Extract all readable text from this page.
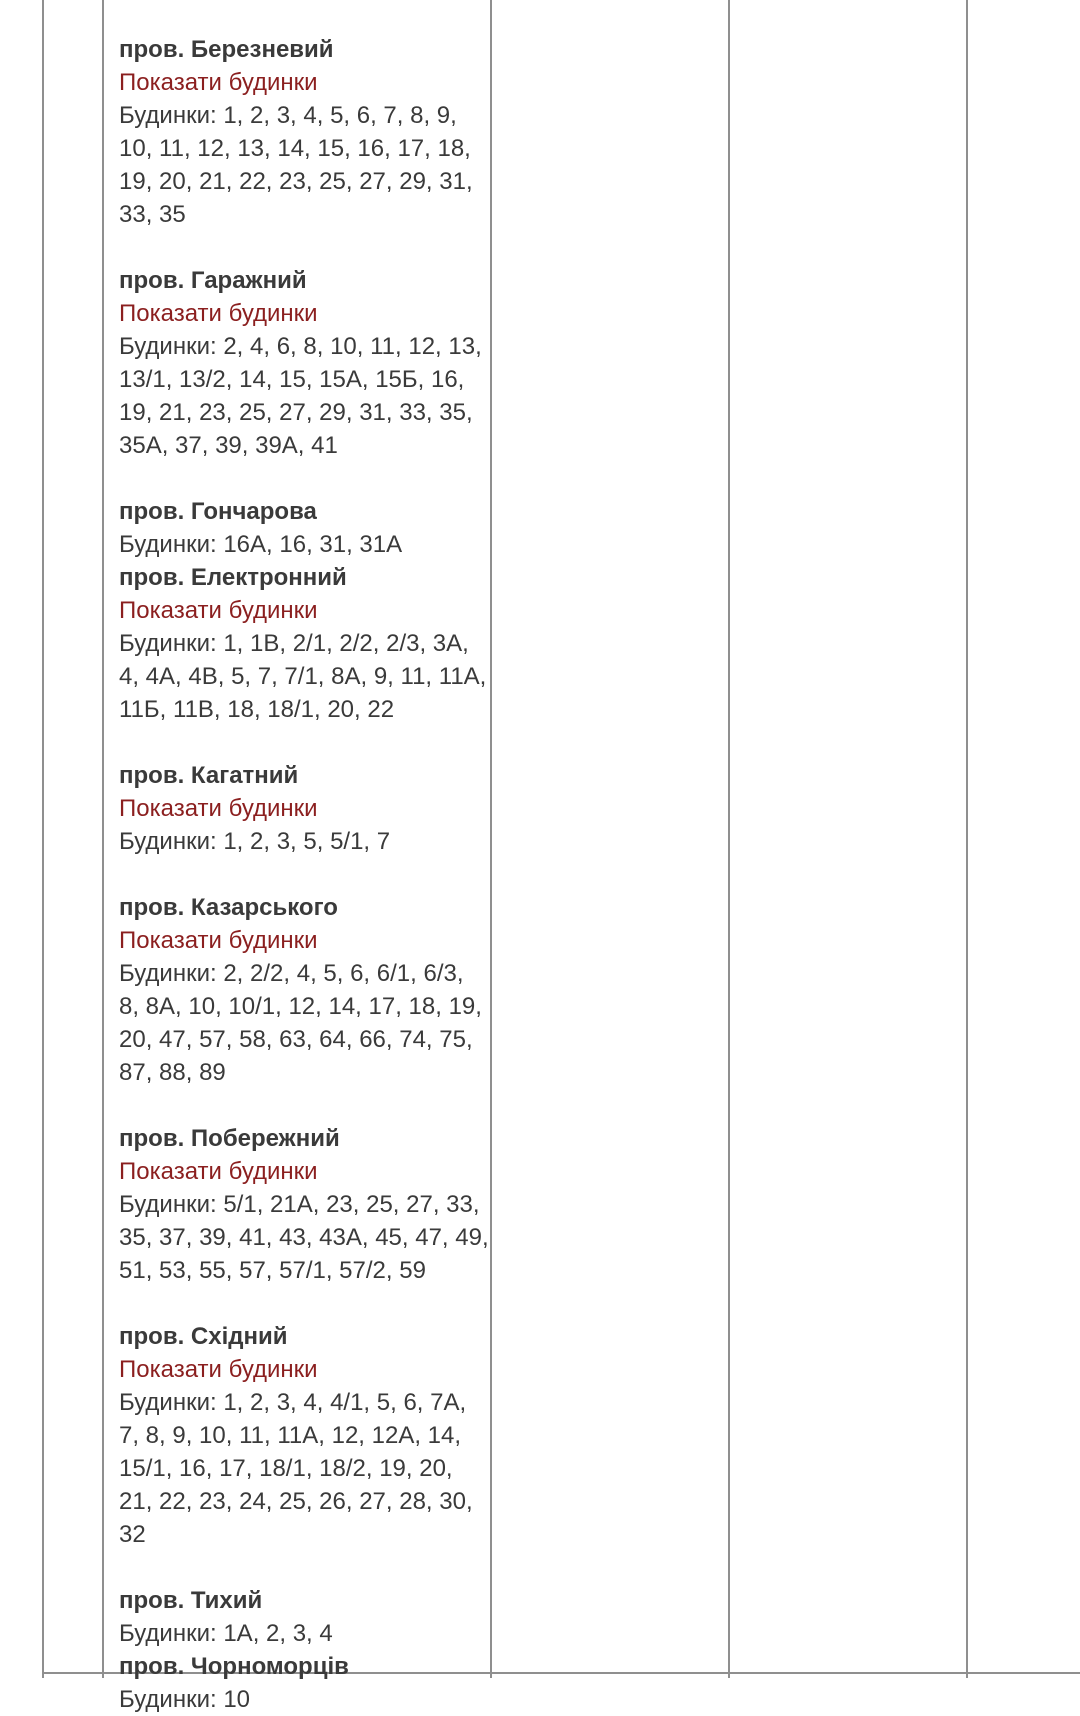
пров. Березневий
Показати будинки
Будинки: 1, 2, 3, 4, 5, 6, 7, 8, 9, 10, 11, 12, 13, 14, 15, 16, 17, 18, 19, 20, 21, 22, 23, 25, 27, 29, 31, 33, 35
пров. Гаражний
Показати будинки
Будинки: 2, 4, 6, 8, 10, 11, 12, 13, 13/1, 13/2, 14, 15, 15А, 15Б, 16, 19, 21, 23, 25, 27, 29, 31, 33, 35, 35А, 37, 39, 39А, 41
пров. Гончарова
Будинки: 16А, 16, 31, 31А
пров. Електронний
Показати будинки
Будинки: 1, 1В, 2/1, 2/2, 2/3, 3А, 4, 4А, 4В, 5, 7, 7/1, 8А, 9, 11, 11А, 11Б, 11В, 18, 18/1, 20, 22
пров. Кагатний
Показати будинки
Будинки: 1, 2, 3, 5, 5/1, 7
пров. Казарського
Показати будинки
Будинки: 2, 2/2, 4, 5, 6, 6/1, 6/3, 8, 8А, 10, 10/1, 12, 14, 17, 18, 19, 20, 47, 57, 58, 63, 64, 66, 74, 75, 87, 88, 89
пров. Побережний
Показати будинки
Будинки: 5/1, 21А, 23, 25, 27, 33, 35, 37, 39, 41, 43, 43А, 45, 47, 49, 51, 53, 55, 57, 57/1, 57/2, 59
пров. Східний
Показати будинки
Будинки: 1, 2, 3, 4, 4/1, 5, 6, 7А, 7, 8, 9, 10, 11, 11А, 12, 12А, 14, 15/1, 16, 17, 18/1, 18/2, 19, 20, 21, 22, 23, 24, 25, 26, 27, 28, 30, 32
пров. Тихий
Будинки: 1А, 2, 3, 4
пров. Чорноморців
Будинки: 10
